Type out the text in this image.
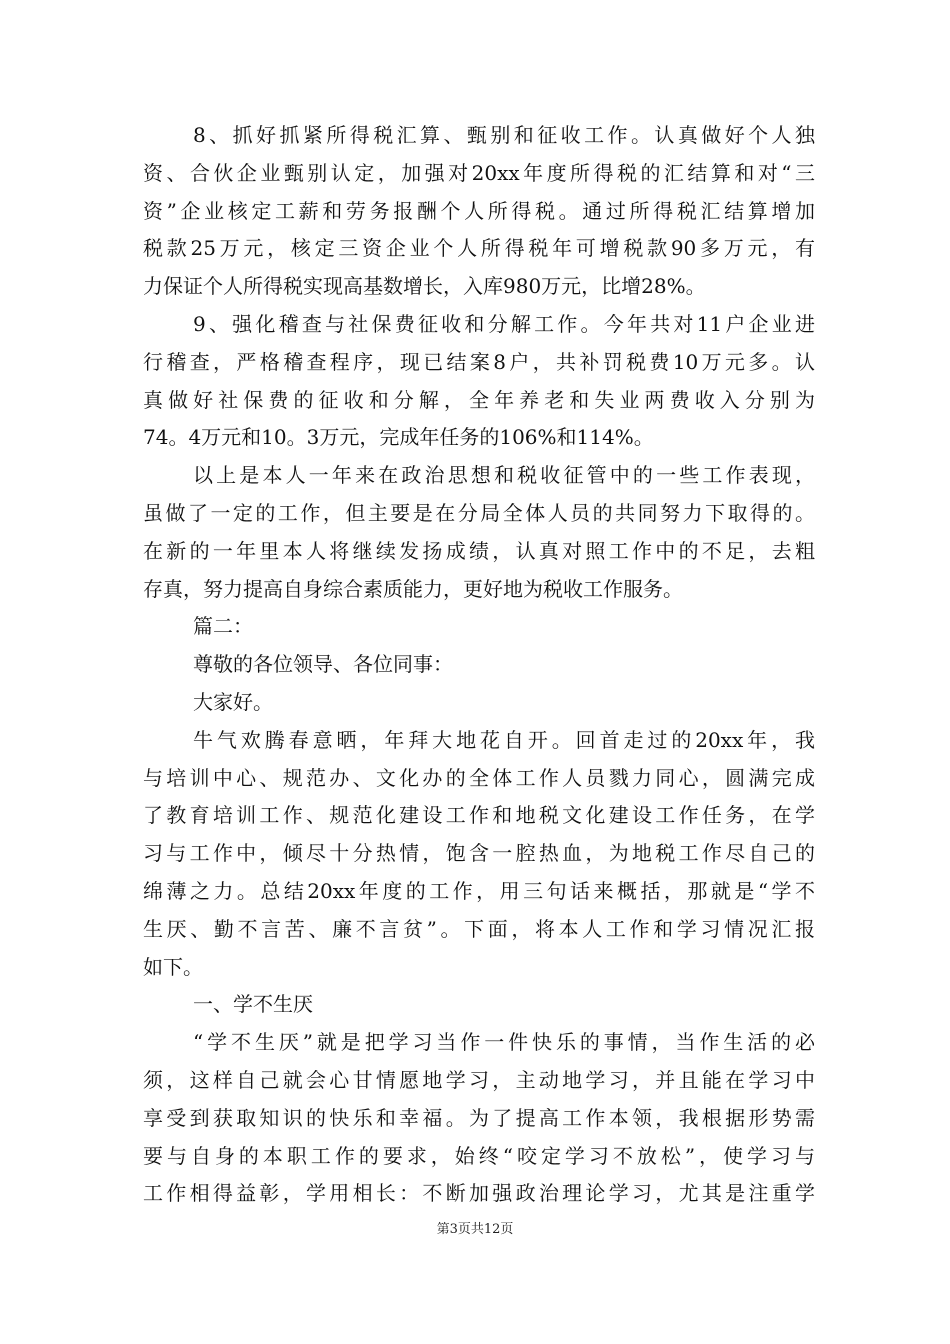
8、抓好抓紧所得税汇算、甄别和征收工作。认真做好个人独
资、合伙企业甄别认定，加强对20xx年度所得税的汇结算和对“三
资”企业核定工薪和劳务报酬个人所得税。通过所得税汇结算增加
税款25万元，核定三资企业个人所得税年可增税款90多万元，有
力保证个人所得税实现高基数增长，入库980万元，比增28%。
9、强化稽查与社保费征收和分解工作。今年共对11户企业进
行稽查，严格稽查程序，现已结案8户，共补罚税费10万元多。认
真做好社保费的征收和分解，全年养老和失业两费收入分别为
74。4万元和10。3万元，完成年任务的106%和114%。
以上是本人一年来在政治思想和税收征管中的一些工作表现，
虽做了一定的工作，但主要是在分局全体人员的共同努力下取得的。
在新的一年里本人将继续发扬成绩，认真对照工作中的不足，去粗
存真，努力提高自身综合素质能力，更好地为税收工作服务。
篇二：
尊敬的各位领导、各位同事：
大家好。
牛气欢腾春意晒，年拜大地花自开。回首走过的20xx年，我
与培训中心、规范办、文化办的全体工作人员戮力同心，圆满完成
了教育培训工作、规范化建设工作和地税文化建设工作任务，在学
习与工作中，倾尽十分热情，饱含一腔热血，为地税工作尽自己的
绵薄之力。总结20xx年度的工作，用三句话来概括，那就是“学不
生厌、勤不言苦、廉不言贫”。下面，将本人工作和学习情况汇报
如下。
一、学不生厌
“学不生厌”就是把学习当作一件快乐的事情，当作生活的必
须，这样自己就会心甘情愿地学习，主动地学习，并且能在学习中
享受到获取知识的快乐和幸福。为了提高工作本领，我根据形势需
要与自身的本职工作的要求，始终“咬定学习不放松”，使学习与
工作相得益彰，学用相长：不断加强政治理论学习，尤其是注重学
第3页共12页
